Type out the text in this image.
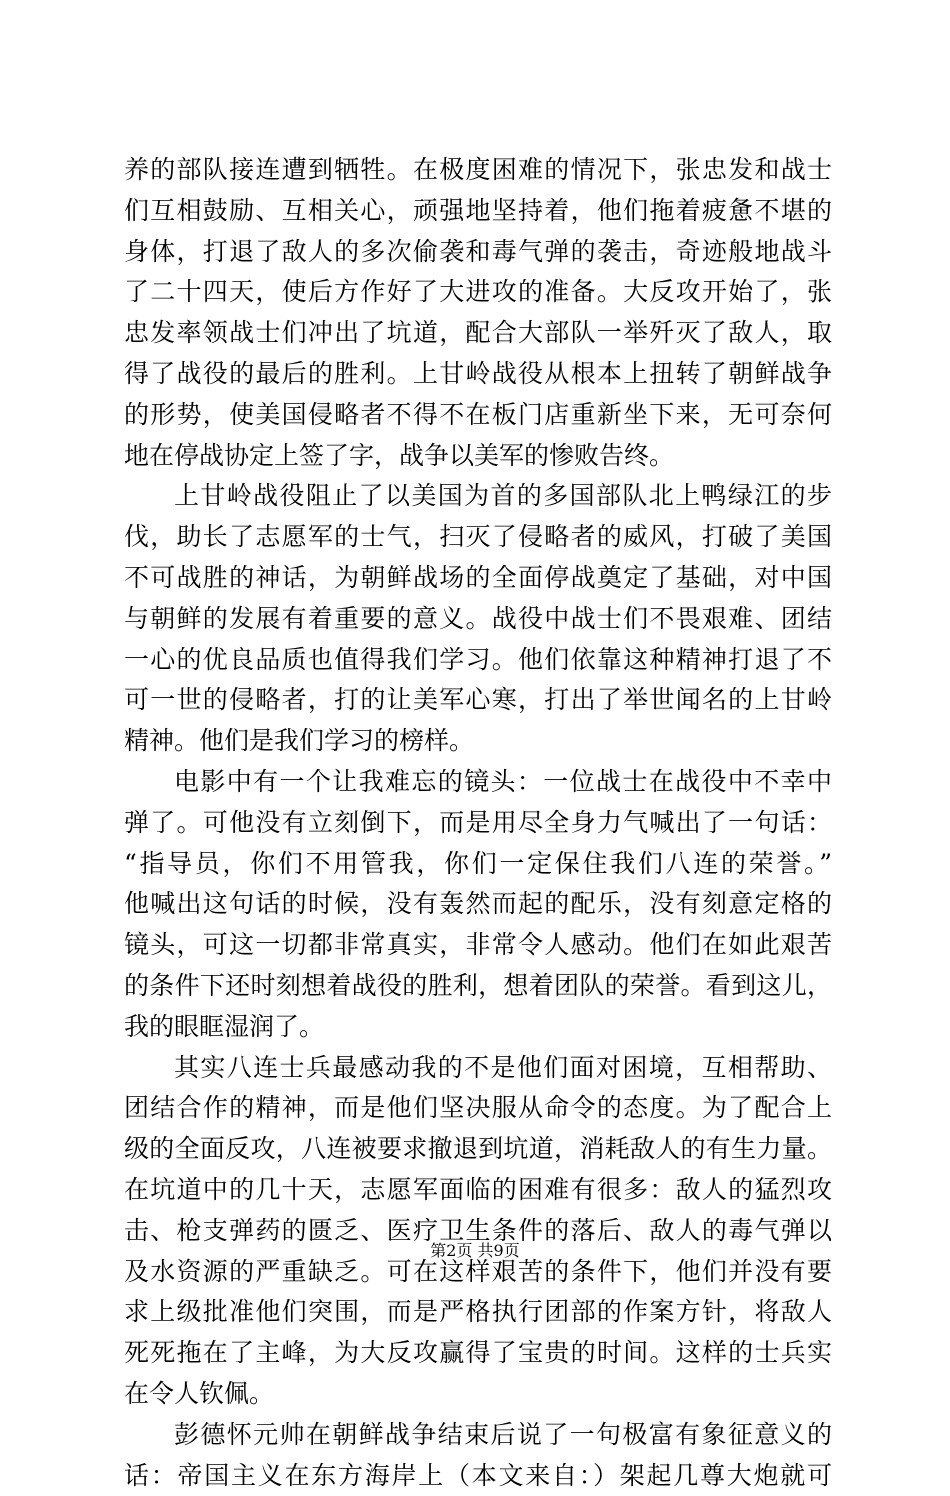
养的部队接连遭到牺牲。在极度困难的情况下，张忠发和战士
们互相鼓励、互相关心，顽强地坚持着，他们拖着疲惫不堪的
身体，打退了敌人的多次偷袭和毒气弹的袭击，奇迹般地战斗
了二十四天，使后方作好了大进攻的准备。大反攻开始了，张
忠发率领战士们冲出了坑道，配合大部队一举歼灭了敌人，取
得了战役的最后的胜利。上甘岭战役从根本上扭转了朝鲜战争
的形势，使美国侵略者不得不在板门店重新坐下来，无可奈何
地在停战协定上签了字，战争以美军的惨败告终。
上甘岭战役阻止了以美国为首的多国部队北上鸭绿江的步
伐，助长了志愿军的士气，扫灭了侵略者的威风，打破了美国
不可战胜的神话，为朝鲜战场的全面停战奠定了基础，对中国
与朝鲜的发展有着重要的意义。战役中战士们不畏艰难、团结
一心的优良品质也值得我们学习。他们依靠这种精神打退了不
可一世的侵略者，打的让美军心寒，打出了举世闻名的上甘岭
精神。他们是我们学习的榜样。
电影中有一个让我难忘的镜头：一位战士在战役中不幸中
弹了。可他没有立刻倒下，而是用尽全身力气喊出了一句话：
“指导员，你们不用管我，你们一定保住我们八连的荣誉。”
他喊出这句话的时候，没有轰然而起的配乐，没有刻意定格的
镜头，可这一切都非常真实，非常令人感动。他们在如此艰苦
的条件下还时刻想着战役的胜利，想着团队的荣誉。看到这儿，
我的眼眶湿润了。
其实八连士兵最感动我的不是他们面对困境，互相帮助、
团结合作的精神，而是他们坚决服从命令的态度。为了配合上
级的全面反攻，八连被要求撤退到坑道，消耗敌人的有生力量。
在坑道中的几十天，志愿军面临的困难有很多：敌人的猛烈攻
击、枪支弹药的匮乏、医疗卫生条件的落后、敌人的毒气弹以
及水资源的严重缺乏。可在这样艰苦的条件下，他们并没有要
求上级批准他们突围，而是严格执行团部的作案方针，将敌人
死死拖在了主峰，为大反攻赢得了宝贵的时间。这样的士兵实
在令人钦佩。
彭德怀元帅在朝鲜战争结束后说了一句极富有象征意义的
话：帝国主义在东方海岸上（本文来自：）架起几尊大炮就可
第2页 共9页
